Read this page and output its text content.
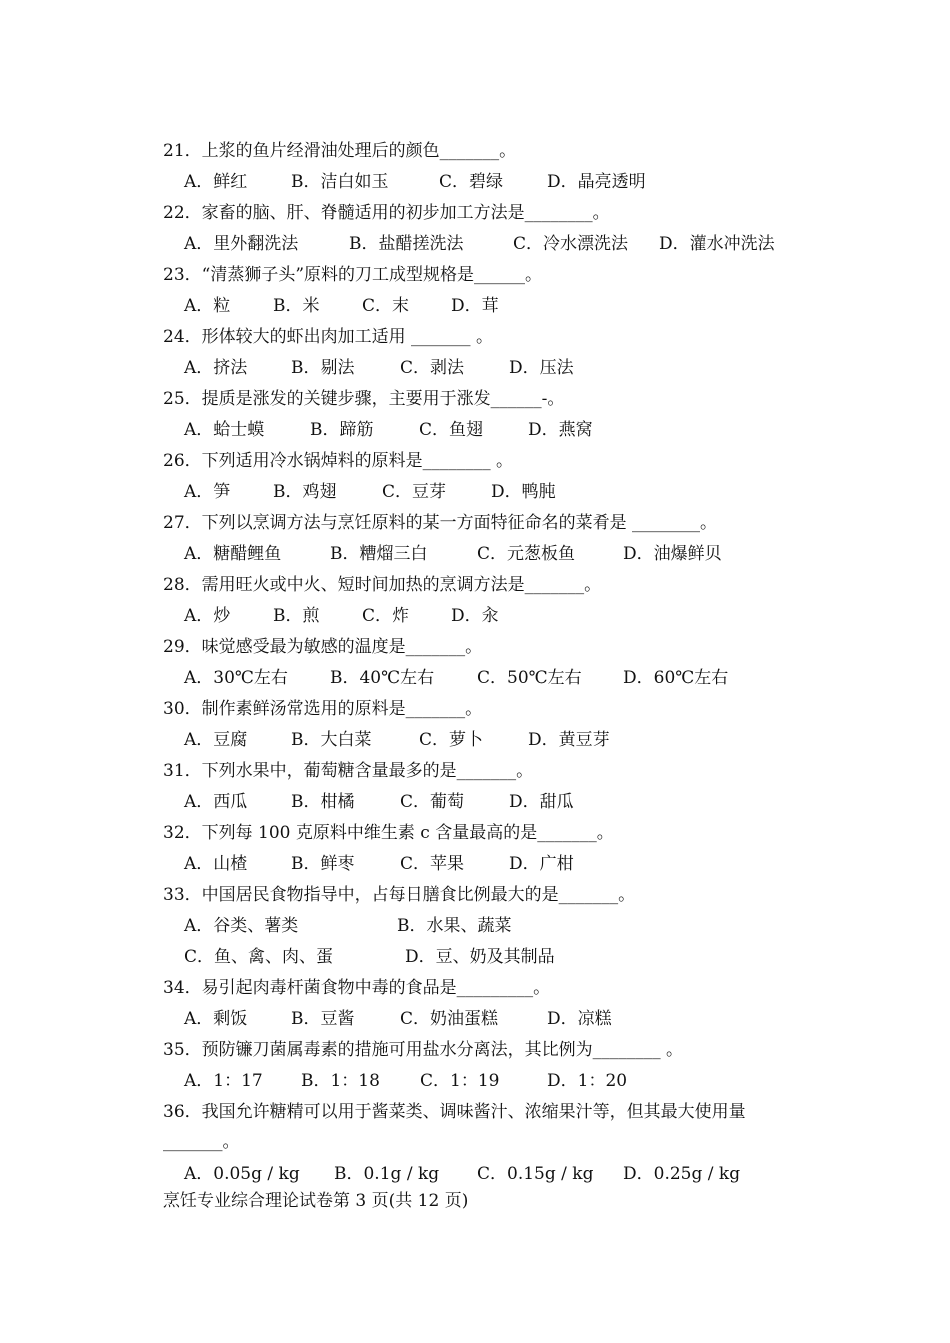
21．上浆的鱼片经滑油处理后的颜色_______。
A．鲜红	B．洁白如玉	C．碧绿	D．晶亮透明
22．家畜的脑、肝、脊髓适用的初步加工方法是________。
A．里外翻洗法	B．盐醋搓洗法	C．冷水漂洗法 D．灌水冲洗法
23．“清蒸狮子头”原料的刀工成型规格是______。
A．粒	B．米	C．末 D．茸
24．形体较大的虾出肉加工适用 _______ 。
A．挤法	B．剔法	C．剥法	D．压法
25．提质是涨发的关键步骤，主要用于涨发______-。
A．蛤士蟆	B．蹄筋	C．鱼翅	D．燕窝
26．下列适用冷水锅焯料的原料是________ 。
A．笋	B．鸡翅	C．豆芽	D．鸭肫
27．下列以烹调方法与烹饪原料的某一方面特征命名的菜肴是 ________。
A．糖醋鲤鱼	B．糟熘三白	C．元葱板鱼	D．油爆鲜贝
28．需用旺火或中火、短时间加热的烹调方法是_______。
A．炒	B．煎	C．炸 D．汆
29．味觉感受最为敏感的温度是_______。
A．30℃左右 B．40℃左右	C．50℃左右 D．60℃左右
30．制作素鲜汤常选用的原料是_______。
A．豆腐	B．大白菜	C．萝卜	D．黄豆芽
31．下列水果中，葡萄糖含量最多的是_______。
A．西瓜	B．柑橘	C．葡萄	D．甜瓜
32．下列每 100 克原料中维生素 c 含量最高的是_______。
A．山楂	B．鲜枣	C．苹果	D．广柑
33．中国居民食物指导中，占每日膳食比例最大的是_______。
A．谷类、薯类	B．水果、蔬菜
C．鱼、禽、肉、蛋	D．豆、奶及其制品
34．易引起肉毒杆菌食物中毒的食品是_________。
A．剩饭	B．豆酱	C．奶油蛋糕	D．凉糕
35．预防镰刀菌属毒素的措施可用盐水分离法，其比例为________ 。
A．1：17 B．1：18 C．1：19	D．1：20
36．我国允许糖精可以用于酱菜类、调味酱汁、浓缩果汁等，但其最大使用量_______。
A．0.05g / kg B．0.1g / kg C．0.15g / kg D．0.25g / kg
烹饪专业综合理论试卷第 3 页(共 12 页)
